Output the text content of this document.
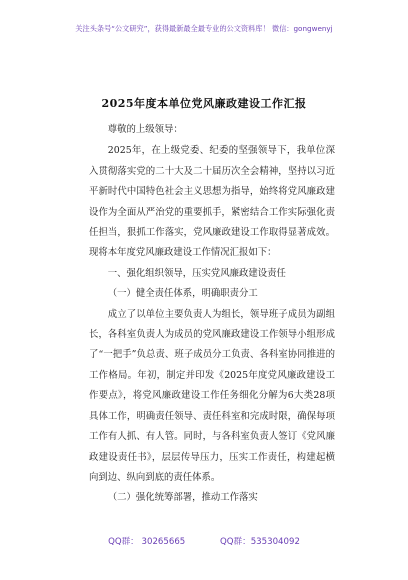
关注头条号“公文研究”，获得最新最全最专业的公文资料库！ 微信：gongwenyj
2025年度本单位党风廉政建设工作汇报

尊敬的上级领导：

2025年，在上级党委、纪委的坚强领导下，我单位深入贯彻落实党的二十大及二十届历次全会精神，坚持以习近平新时代中国特色社会主义思想为指导，始终将党风廉政建设作为全面从严治党的重要抓手，紧密结合工作实际强化责任担当，狠抓工作落实，党风廉政建设工作取得显著成效。现将本年度党风廉政建设工作情况汇报如下：

一、强化组织领导，压实党风廉政建设责任

（一）健全责任体系，明确职责分工

成立了以单位主要负责人为组长，领导班子成员为副组长，各科室负责人为成员的党风廉政建设工作领导小组形成了“一把手”负总责、班子成员分工负责、各科室协同推进的工作格局。年初，制定并印发《2025年度党风廉政建设工作要点》，将党风廉政建设工作任务细化分解为6大类28项具体工作，明确责任领导、责任科室和完成时限，确保每项工作有人抓、有人管。同时，与各科室负责人签订《党风廉政建设责任书》，层层传导压力，压实工作责任，构建起横向到边、纵向到底的责任体系。

（二）强化统筹部署，推动工作落实

QQ群： 30265665	QQ群：535304092
